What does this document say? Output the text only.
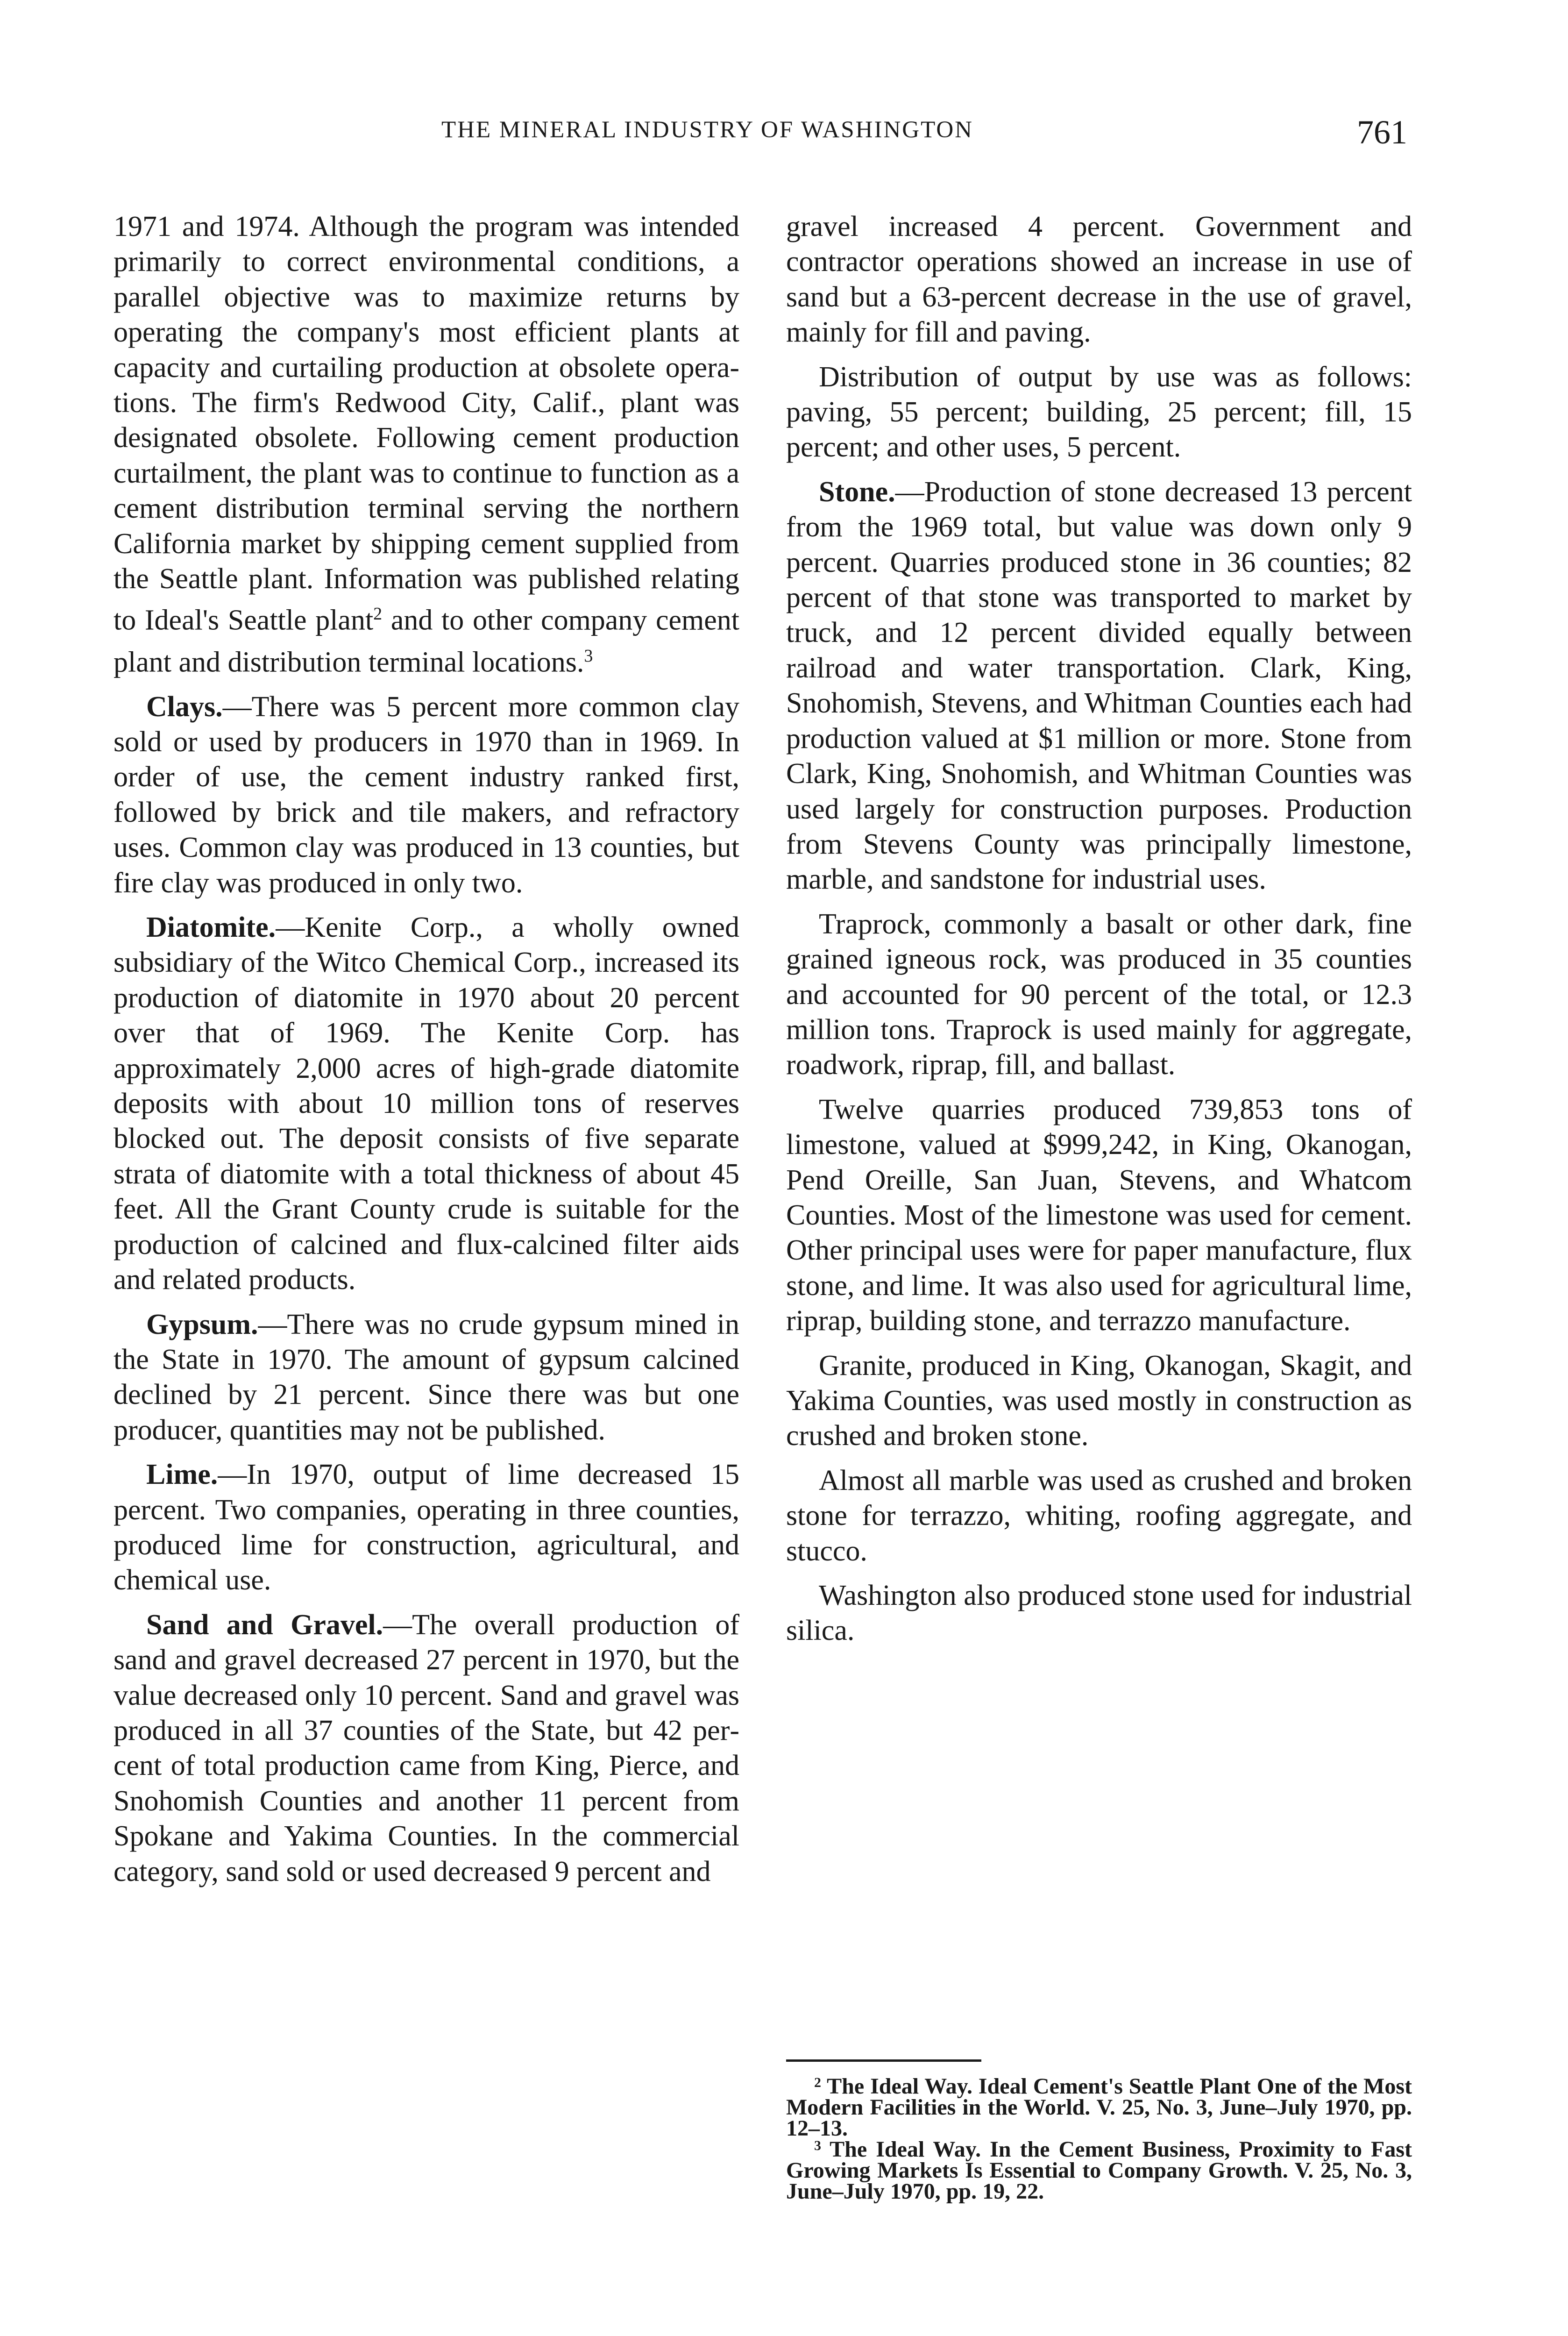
THE MINERAL INDUSTRY OF WASHINGTON	761

1971 and 1974. Although the program was intended primarily to correct environmental conditions, a parallel objective was to maximize returns by operating the company's most efficient plants at capacity and curtailing production at obsolete operations. The firm's Redwood City, Calif., plant was designated obsolete. Following cement production curtailment, the plant was to continue to function as a cement distribution terminal serving the northern California market by shipping cement supplied from the Seattle plant. Information was published relating to Ideal's Seattle plant$^2$ and to other company cement plant and distribution terminal locations.$^3$

Clays.—There was 5 percent more common clay sold or used by producers in 1970 than in 1969. In order of use, the cement industry ranked first, followed by brick and tile makers, and refractory uses. Common clay was produced in 13 counties, but fire clay was produced in only two.

Diatomite.—Kenite Corp., a wholly owned subsidiary of the Witco Chemical Corp., increased its production of diatomite in 1970 about 20 percent over that of 1969. The Kenite Corp. has approximately 2,000 acres of high-grade diatomite deposits with about 10 million tons of reserves blocked out. The deposit consists of five separate strata of diatomite with a total thickness of about 45 feet. All the Grant County crude is suitable for the production of calcined and flux-calcined filter aids and related products.

Gypsum.—There was no crude gypsum mined in the State in 1970. The amount of gypsum calcined declined by 21 percent. Since there was but one producer, quantities may not be published.

Lime.—In 1970, output of lime decreased 15 percent. Two companies, operating in three counties, produced lime for construction, agricultural, and chemical use.

Sand and Gravel.—The overall production of sand and gravel decreased 27 percent in 1970, but the value decreased only 10 percent. Sand and gravel was produced in all 37 counties of the State, but 42 percent of total production came from King, Pierce, and Snohomish Counties and another 11 percent from Spokane and Yakima Counties. In the commercial category, sand sold or used decreased 9 percent and

gravel increased 4 percent. Government and contractor operations showed an increase in use of sand but a 63-percent decrease in the use of gravel, mainly for fill and paving.

Distribution of output by use was as follows: paving, 55 percent; building, 25 percent; fill, 15 percent; and other uses, 5 percent.

Stone.—Production of stone decreased 13 percent from the 1969 total, but value was down only 9 percent. Quarries produced stone in 36 counties; 82 percent of that stone was transported to market by truck, and 12 percent divided equally between railroad and water transportation. Clark, King, Snohomish, Stevens, and Whitman Counties each had production valued at $1 million or more. Stone from Clark, King, Snohomish, and Whitman Counties was used largely for construction purposes. Production from Stevens County was principally limestone, marble, and sandstone for industrial uses.

Traprock, commonly a basalt or other dark, fine grained igneous rock, was produced in 35 counties and accounted for 90 percent of the total, or 12.3 million tons. Traprock is used mainly for aggregate, roadwork, riprap, fill, and ballast.

Twelve quarries produced 739,853 tons of limestone, valued at $999,242, in King, Okanogan, Pend Oreille, San Juan, Stevens, and Whatcom Counties. Most of the limestone was used for cement. Other principal uses were for paper manufacture, flux stone, and lime. It was also used for agricultural lime, riprap, building stone, and terrazzo manufacture.

Granite, produced in King, Okanogan, Skagit, and Yakima Counties, was used mostly in construction as crushed and broken stone.

Almost all marble was used as crushed and broken stone for terrazzo, whiting, roofing aggregate, and stucco.

Washington also produced stone used for industrial silica.

$^2$ The Ideal Way. Ideal Cement's Seattle Plant One of the Most Modern Facilities in the World. V. 25, No. 3, June–July 1970, pp. 12–13.

$^3$ The Ideal Way. In the Cement Business, Proximity to Fast Growing Markets Is Essential to Company Growth. V. 25, No. 3, June–July 1970, pp. 19, 22.
